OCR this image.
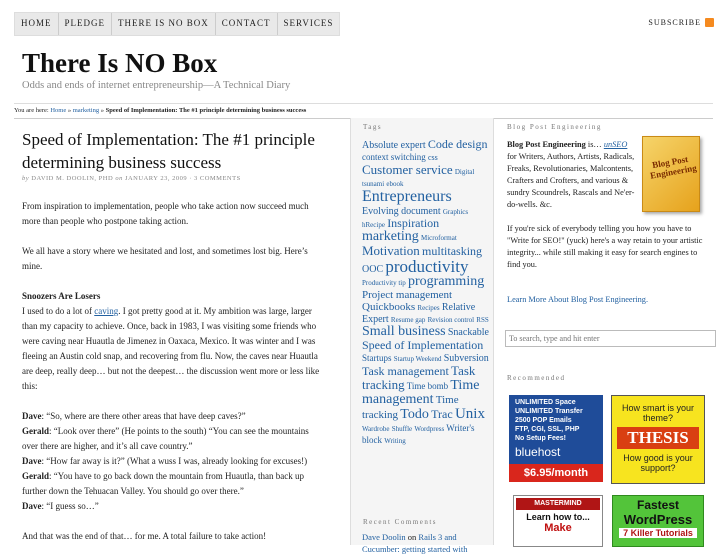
HOME	PLEDGE	THERE IS NO BOX	CONTACT	SERVICES	SUBSCRIBE
There Is NO Box
Odds and ends of internet entrepreneurship—A Technical Diary
You are here: Home » marketing » Speed of Implementation: The #1 principle determining business success
Speed of Implementation: The #1 principle determining business success
by DAVID M. DOOLIN, PHD on JANUARY 23, 2009 · 3 COMMENTS

From inspiration to implementation, people who take action now succeed much more than people who postpone taking action.

We all have a story where we hesitated and lost, and sometimes lost big. Here’s mine.

Snoozers Are Losers

I used to do a lot of caving. I got pretty good at it. My ambition was large, larger than my capacity to achieve. Once, back in 1983, I was visiting some friends who were caving near Huautla de Jimenez in Oaxaca, Mexico. It was winter and I was fleeing an Austin cold snap, and recovering from flu. Now, the caves near Huautla are deep, really deep… but not the deepest… the discussion went more or less like this:

Dave: “So, where are there other areas that have deep caves?”

Gerald: “Look over there” (He points to the south) “You can see the mountains over there are higher, and it’s all cave country.”

Dave: “How far away is it?” (What a wuss I was, already looking for excuses!)

Gerald: “You have to go back down the mountain from Huautla, than back up further down the Tehuacan Valley. You should go over there.”

Dave: “I guess so…”

And that was the end of that… for me. A total failure to take action!

Tags
Absolute expert Code design context switching css Customer service Digital tsunami ebook Entrepreneurs Evolving document Graphics hRecipe Inspiration marketing Microformat Motivation multitasking OOC productivity Productivity tip programming Project management Quickbooks Recipes Relative Expert Resume gap Revision control RSS Small business Snackable Speed of Implementation Startups Startup Weekend Subversion Task management Task tracking Time bomb Time management Time tracking Todo Trac Unix Wardrobe Shuffle Wordpress Writer's block Writing
Recent Comments
Dave Doolin on Rails 3 and Cucumber: getting started with
Blog Post Engineering
Blog Post Engineering is… unSEO for Writers, Authors, Artists, Radicals, Freaks, Revolutionaries, Malcontents, Crafters and Crofters, and various & sundry Scoundrels, Rascals and Ne'er-do-wells. &c.
Blog Post Engineering
If you're sick of everybody telling you how you have to "Write for SEO!" (yuck) here's a way retain to your artistic integrity... while still making it easy for search engines to find you.
Learn More About Blog Post Engineering.
To search, type and hit enter
Recommended
UNLIMITED Space
UNLIMITED Transfer
2500 POP Emails
FTP, CGI, SSL, PHP
No Setup Fees!
bluehost
$6.95/month
How smart is your theme?
THESIS
How good is your support?
MASTERMIND
Learn how to...
Make
Fastest
WordPress
7 Killer Tutorials
